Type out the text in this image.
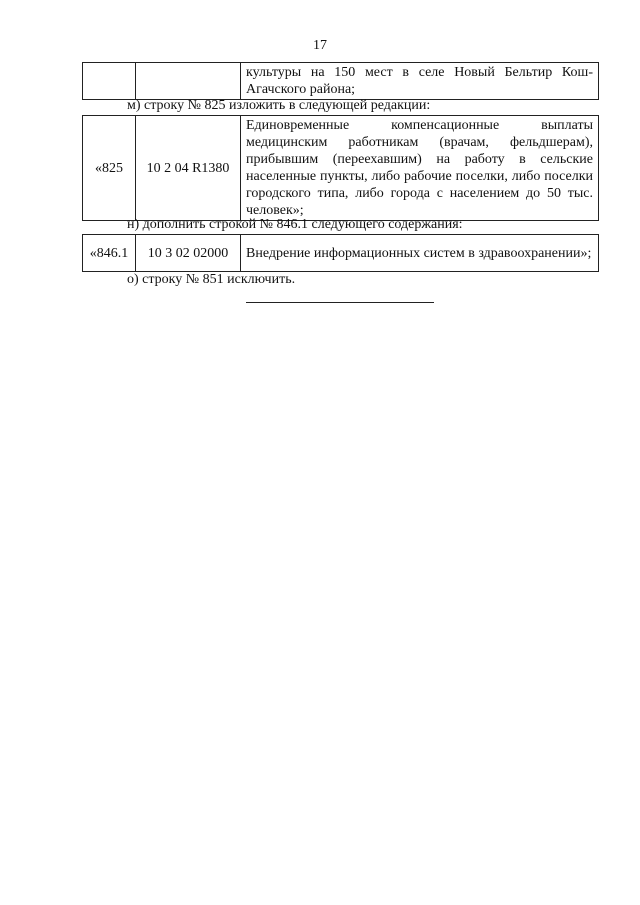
17
		культуры на 150 мест в селе Новый Бельтир Кош-Агачского района;
м) строку № 825 изложить в следующей редакции:
«825	10 2 04 R1380	Единовременные компенсационные выплаты медицинским работникам (врачам, фельдшерам), прибывшим (переехавшим) на работу в сельские населенные пункты, либо рабочие поселки, либо поселки городского типа, либо города с населением до 50 тыс. человек»;
н) дополнить строкой № 846.1 следующего содержания:
«846.1	10 3 02 02000	Внедрение информационных систем в здравоохранении»;
о) строку № 851 исключить.
